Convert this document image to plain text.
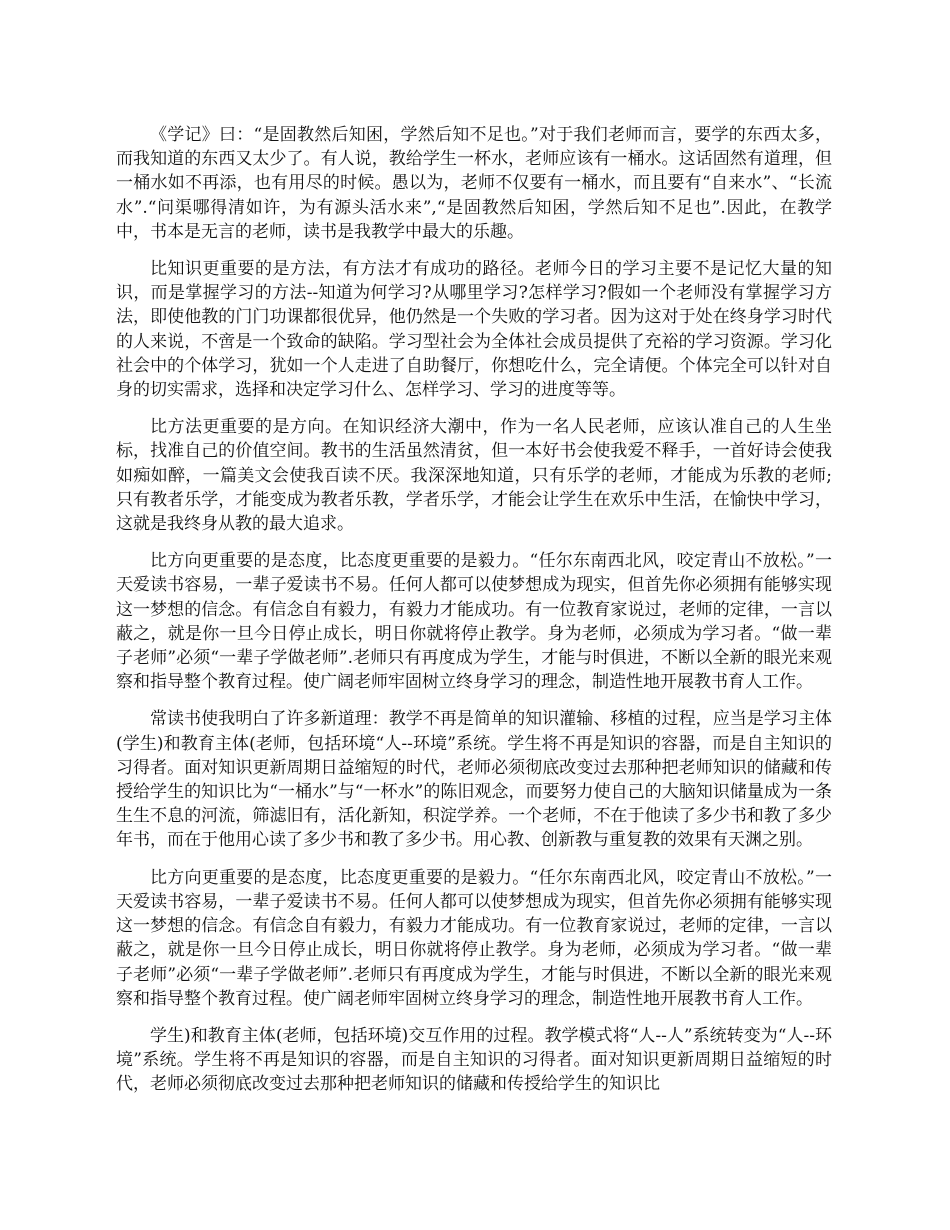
《学记》曰：“是固教然后知困，学然后知不足也。”对于我们老师而言，要学的东西太多，而我知道的东西又太少了。有人说，教给学生一杯水，老师应该有一桶水。这话固然有道理，但一桶水如不再添，也有用尽的时候。愚以为，老师不仅要有一桶水，而且要有“自来水”、“长流水”.“问渠哪得清如许，为有源头活水来”,“是固教然后知困，学然后知不足也”.因此，在教学中，书本是无言的老师，读书是我教学中最大的乐趣。

比知识更重要的是方法，有方法才有成功的路径。老师今日的学习主要不是记忆大量的知识，而是掌握学习的方法--知道为何学习?从哪里学习?怎样学习?假如一个老师没有掌握学习方法，即使他教的门门功课都很优异，他仍然是一个失败的学习者。因为这对于处在终身学习时代的人来说，不啻是一个致命的缺陷。学习型社会为全体社会成员提供了充裕的学习资源。学习化社会中的个体学习，犹如一个人走进了自助餐厅，你想吃什么，完全请便。个体完全可以针对自身的切实需求，选择和决定学习什么、怎样学习、学习的进度等等。

比方法更重要的是方向。在知识经济大潮中，作为一名人民老师，应该认准自己的人生坐标，找准自己的价值空间。教书的生活虽然清贫，但一本好书会使我爱不释手，一首好诗会使我如痴如醉，一篇美文会使我百读不厌。我深深地知道，只有乐学的老师，才能成为乐教的老师;只有教者乐学，才能变成为教者乐教，学者乐学，才能会让学生在欢乐中生活，在愉快中学习，这就是我终身从教的最大追求。

比方向更重要的是态度，比态度更重要的是毅力。“任尔东南西北风，咬定青山不放松。”一天爱读书容易，一辈子爱读书不易。任何人都可以使梦想成为现实，但首先你必须拥有能够实现这一梦想的信念。有信念自有毅力，有毅力才能成功。有一位教育家说过，老师的定律，一言以蔽之，就是你一旦今日停止成长，明日你就将停止教学。身为老师，必须成为学习者。“做一辈子老师”必须“一辈子学做老师”.老师只有再度成为学生，才能与时俱进，不断以全新的眼光来观察和指导整个教育过程。使广阔老师牢固树立终身学习的理念，制造性地开展教书育人工作。

常读书使我明白了许多新道理：教学不再是简单的知识灌输、移植的过程，应当是学习主体(学生)和教育主体(老师，包括环境“人--环境”系统。学生将不再是知识的容器，而是自主知识的习得者。面对知识更新周期日益缩短的时代，老师必须彻底改变过去那种把老师知识的储藏和传授给学生的知识比为“一桶水”与“一杯水”的陈旧观念，而要努力使自己的大脑知识储量成为一条生生不息的河流，筛滤旧有，活化新知，积淀学养。一个老师，不在于他读了多少书和教了多少年书，而在于他用心读了多少书和教了多少书。用心教、创新教与重复教的效果有天渊之别。

比方向更重要的是态度，比态度更重要的是毅力。“任尔东南西北风，咬定青山不放松。”一天爱读书容易，一辈子爱读书不易。任何人都可以使梦想成为现实，但首先你必须拥有能够实现这一梦想的信念。有信念自有毅力，有毅力才能成功。有一位教育家说过，老师的定律，一言以蔽之，就是你一旦今日停止成长，明日你就将停止教学。身为老师，必须成为学习者。“做一辈子老师”必须“一辈子学做老师”.老师只有再度成为学生，才能与时俱进，不断以全新的眼光来观察和指导整个教育过程。使广阔老师牢固树立终身学习的理念，制造性地开展教书育人工作。

学生)和教育主体(老师，包括环境)交互作用的过程。教学模式将“人--人”系统转变为“人--环境”系统。学生将不再是知识的容器，而是自主知识的习得者。面对知识更新周期日益缩短的时代，老师必须彻底改变过去那种把老师知识的储藏和传授给学生的知识比
